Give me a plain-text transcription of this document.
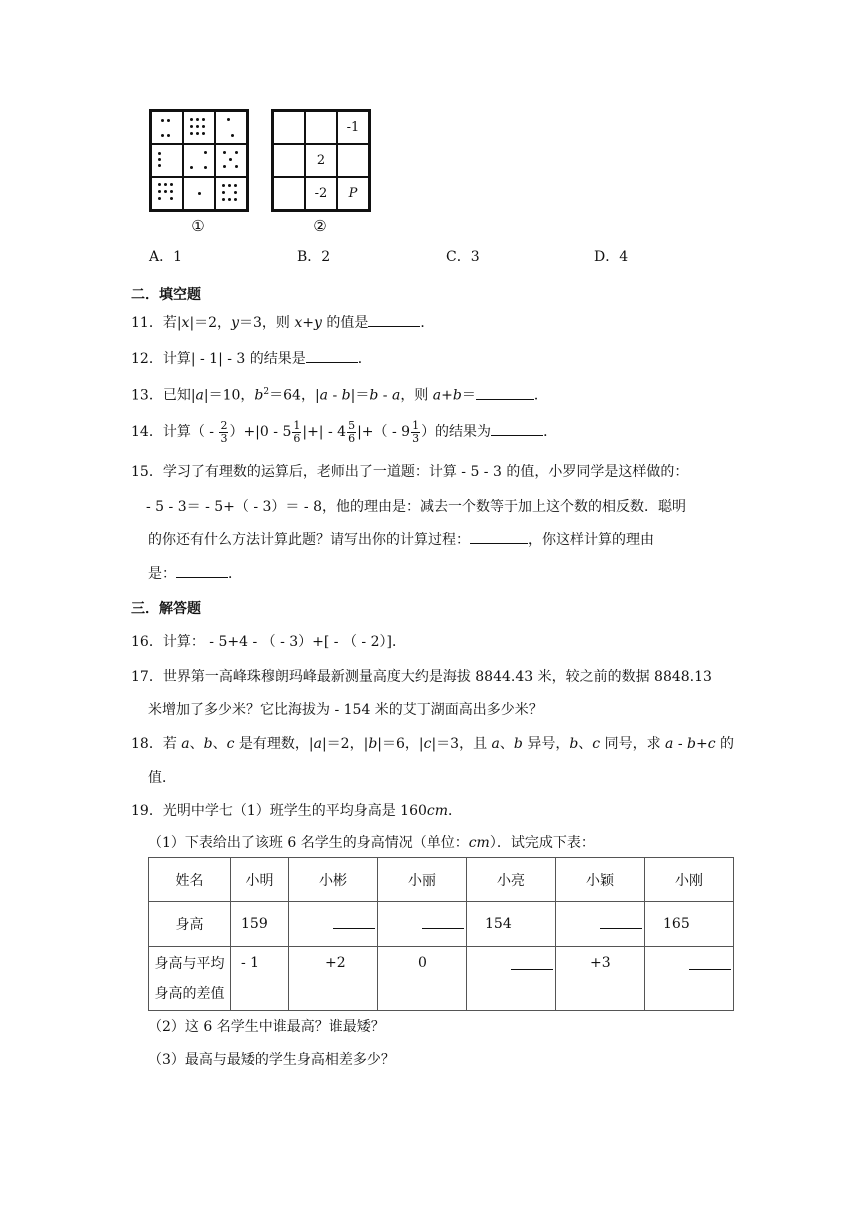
①
-1
2
-2	P
②
A．1	B．2	C．3	D．4
二．填空题
11．若|x|＝2，y＝3，则 x+y 的值是	．
12．计算| - 1| - 3 的结果是	．
13．已知|a|＝10，$b^2=64$，|a - b|＝b - a，则 a+b＝	．
14．计算（ - $\frac{2}{3} )+|0 - 5 \frac{1}{6}$ |+| - $4 \frac{5}{6}$ |+（ - $9 \frac{1}{3}$ ）的结果为	．
15．学习了有理数的运算后，老师出了一道题：计算 - 5 - 3 的值，小罗同学是这样做的：
- 5 - 3＝ - 5+（ - 3）＝ - 8，他的理由是：减去一个数等于加上这个数的相反数．聪明
的你还有什么方法计算此题？请写出你的计算过程：	，你这样计算的理由
是：	．
三．解答题
16．计算： - 5+4 - （ - 3）+[ - （ - 2）]．
17．世界第一高峰珠穆朗玛峰最新测量高度大约是海拔 8844.43 米，较之前的数据 8848.13
米增加了多少米？它比海拔为 - 154 米的艾丁湖面高出多少米？
18．若 a、b、c 是有理数，|a|＝2，|b|＝6，|c|＝3，且 a、b 异号，b、c 同号，求 a - b+c 的
值．
19．光明中学七（1）班学生的平均身高是 160cm．
（1）下表给出了该班 6 名学生的身高情况（单位：cm）．试完成下表：
姓名	小明	小彬	小丽	小亮	小颖	小刚
身高	159			154		165

身高与平均
身高的差值	- 1	+2	0		+3	
（2）这 6 名学生中谁最高？谁最矮？
（3）最高与最矮的学生身高相差多少？
